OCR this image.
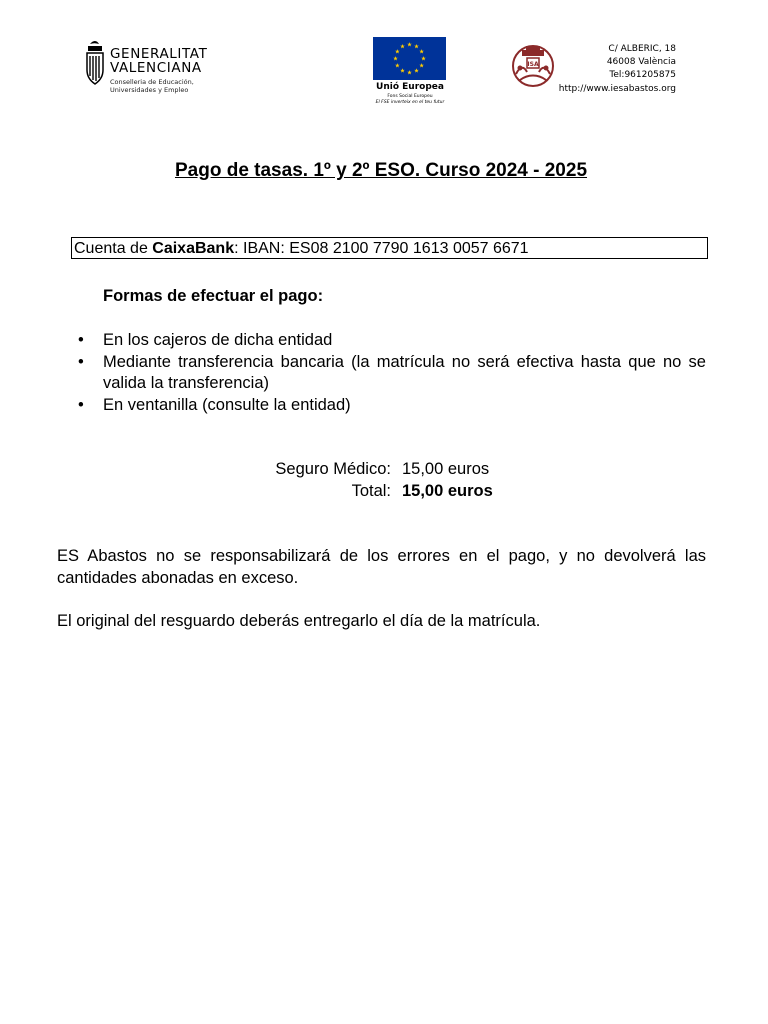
GENERALITAT
VALENCIANA
Conselleria de Educación,
Universidades y Empleo	Unió Europea
Fons Social Europeu
El FSE inverteix en el teu futur
ISA
C/ ALBERIC, 18
46008 València
Tel:961205875
http://www.iesabastos.org
Pago de tasas. 1º y 2º ESO. Curso 2024 - 2025
Cuenta de CaixaBank: IBAN: ES08 2100 7790 1613 0057 6671
Formas de efectuar el pago:
• En los cajeros de dicha entidad
• Mediante transferencia bancaria (la matrícula no será efectiva hasta que no se valida la transferencia)
• En ventanilla (consulte la entidad)
Seguro Médico:
Total:
15,00 euros
15,00 euros
ES Abastos no se responsabilizará de los errores en el pago, y no devolverá las cantidades abonadas en exceso.
El original del resguardo deberás entregarlo el día de la matrícula.
